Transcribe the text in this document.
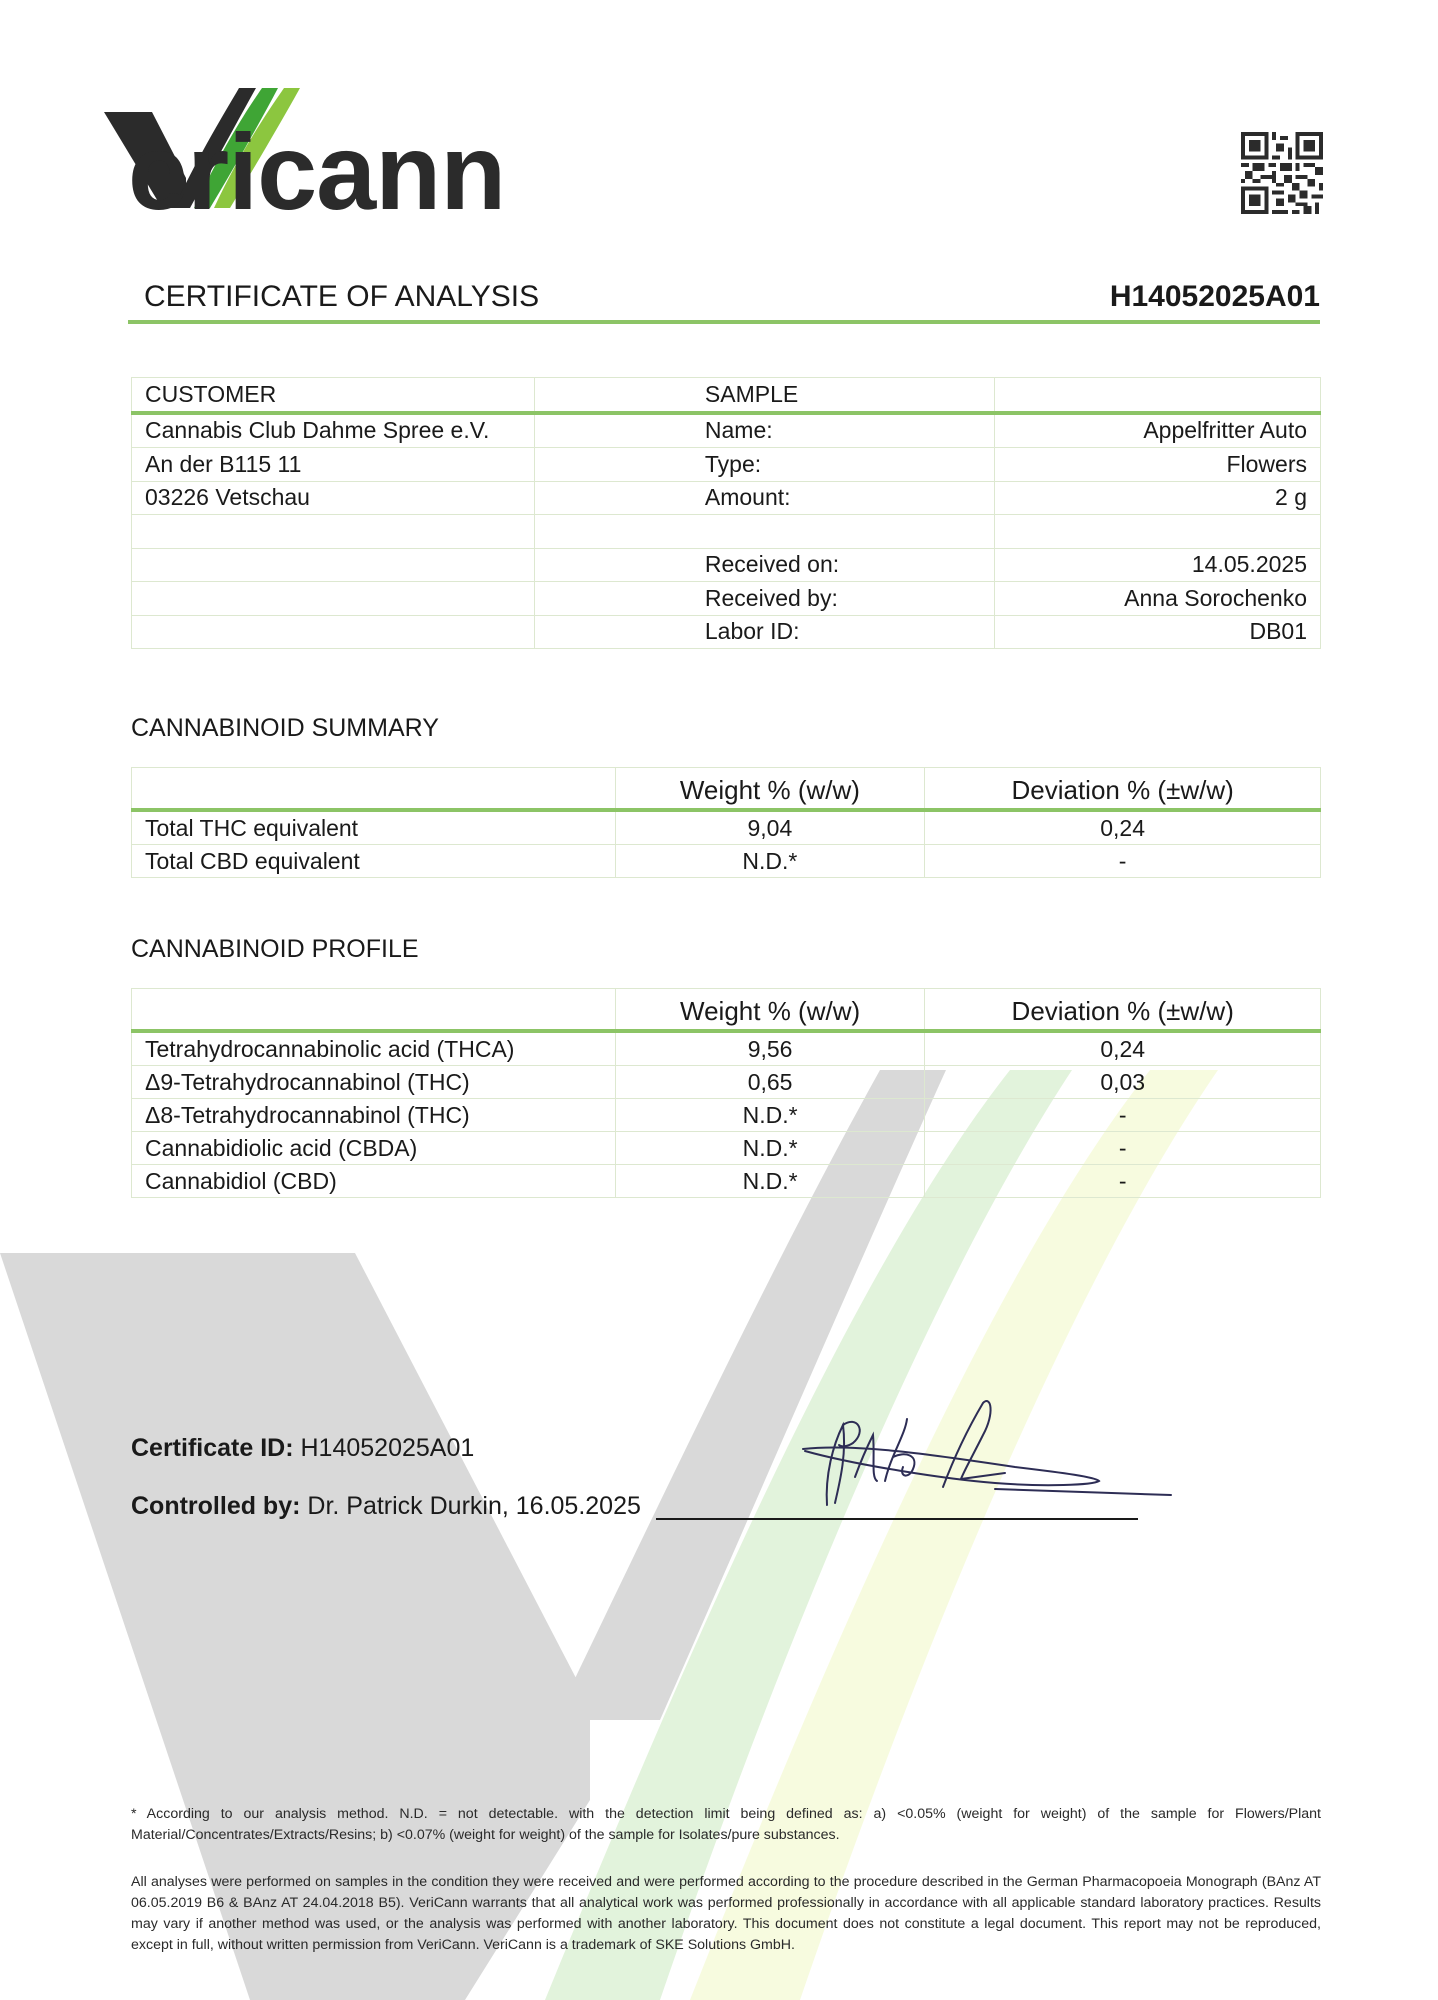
ericann
CERTIFICATE OF ANALYSIS	H14052025A01
CUSTOMER	SAMPLE	
Cannabis Club Dahme Spree e.V.	Name:	Appelfritter Auto
An der B115 11	Type:	Flowers
03226 Vetschau	Amount:	2 g

	Received on:	14.05.2025
	Received by:	Anna Sorochenko
	Labor ID:	DB01
CANNABINOID SUMMARY
	Weight % (w/w)	Deviation % (±w/w)
Total THC equivalent	9,04	0,24
Total CBD equivalent	N.D.*	-
CANNABINOID PROFILE
	Weight % (w/w)	Deviation % (±w/w)
Tetrahydrocannabinolic acid (THCA)	9,56	0,24
Δ9-Tetrahydrocannabinol (THC)	0,65	0,03
Δ8-Tetrahydrocannabinol (THC)	N.D.*	-
Cannabidiolic acid (CBDA)	N.D.*	-
Cannabidiol (CBD)	N.D.*	-
Certificate ID: H14052025A01
Controlled by: Dr. Patrick Durkin, 16.05.2025
* According to our analysis method. N.D. = not detectable. with the detection limit being defined as: a) <0.05% (weight for weight) of the sample for Flowers/Plant Material/Concentrates/Extracts/Resins; b) <0.07% (weight for weight) of the sample for Isolates/pure substances.
All analyses were performed on samples in the condition they were received and were performed according to the procedure described in the German Pharmacopoeia Monograph (BAnz AT 06.05.2019 B6 & BAnz AT 24.04.2018 B5). VeriCann warrants that all analytical work was performed professionally in accordance with all applicable standard laboratory practices. Results may vary if another method was used, or the analysis was performed with another laboratory. This document does not constitute a legal document. This report may not be reproduced, except in full, without written permission from VeriCann. VeriCann is a trademark of SKE Solutions GmbH.
